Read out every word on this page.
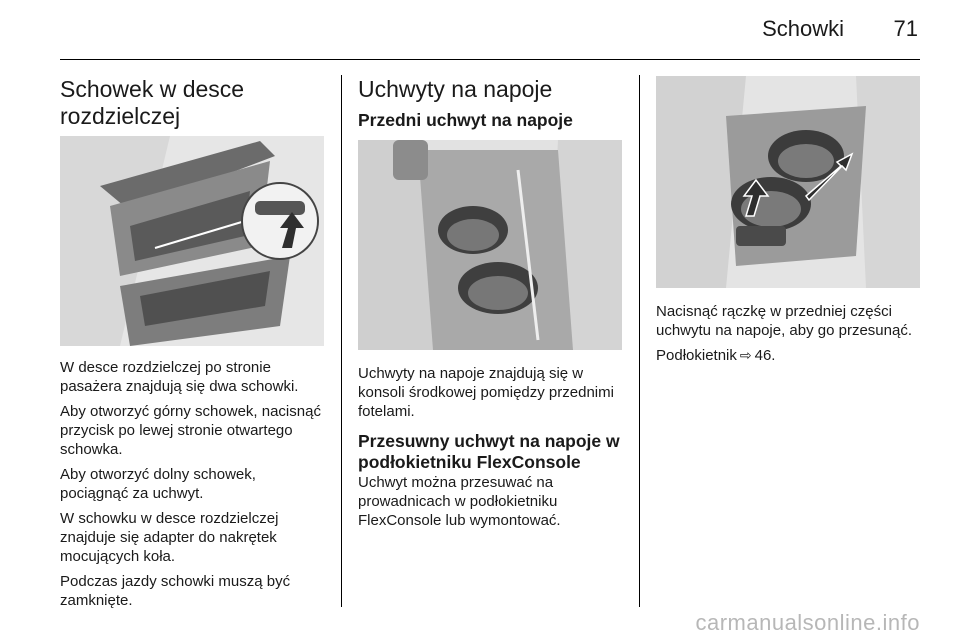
Schowki 71
Schowek w desce rozdzielczej

W desce rozdzielczej po stronie pasażera znajdują się dwa schowki.

Aby otworzyć górny schowek, nacisnąć przycisk po lewej stronie otwartego schowka.

Aby otworzyć dolny schowek, pociągnąć za uchwyt.

W schowku w desce rozdzielczej znajduje się adapter do nakrętek mocujących koła.

Podczas jazdy schowki muszą być zamknięte.

Uchwyty na napoje
Przedni uchwyt na napoje

Uchwyty na napoje znajdują się w konsoli środkowej pomiędzy przednimi fotelami.

Przesuwny uchwyt na napoje w podłokietniku FlexConsole

Uchwyt można przesuwać na prowadnicach w podłokietniku FlexConsole lub wymontować.

Nacisnąć rączkę w przedniej części uchwytu na napoje, aby go przesunąć.

Podłokietnik ⇨ 46.

carmanualsonline.info
